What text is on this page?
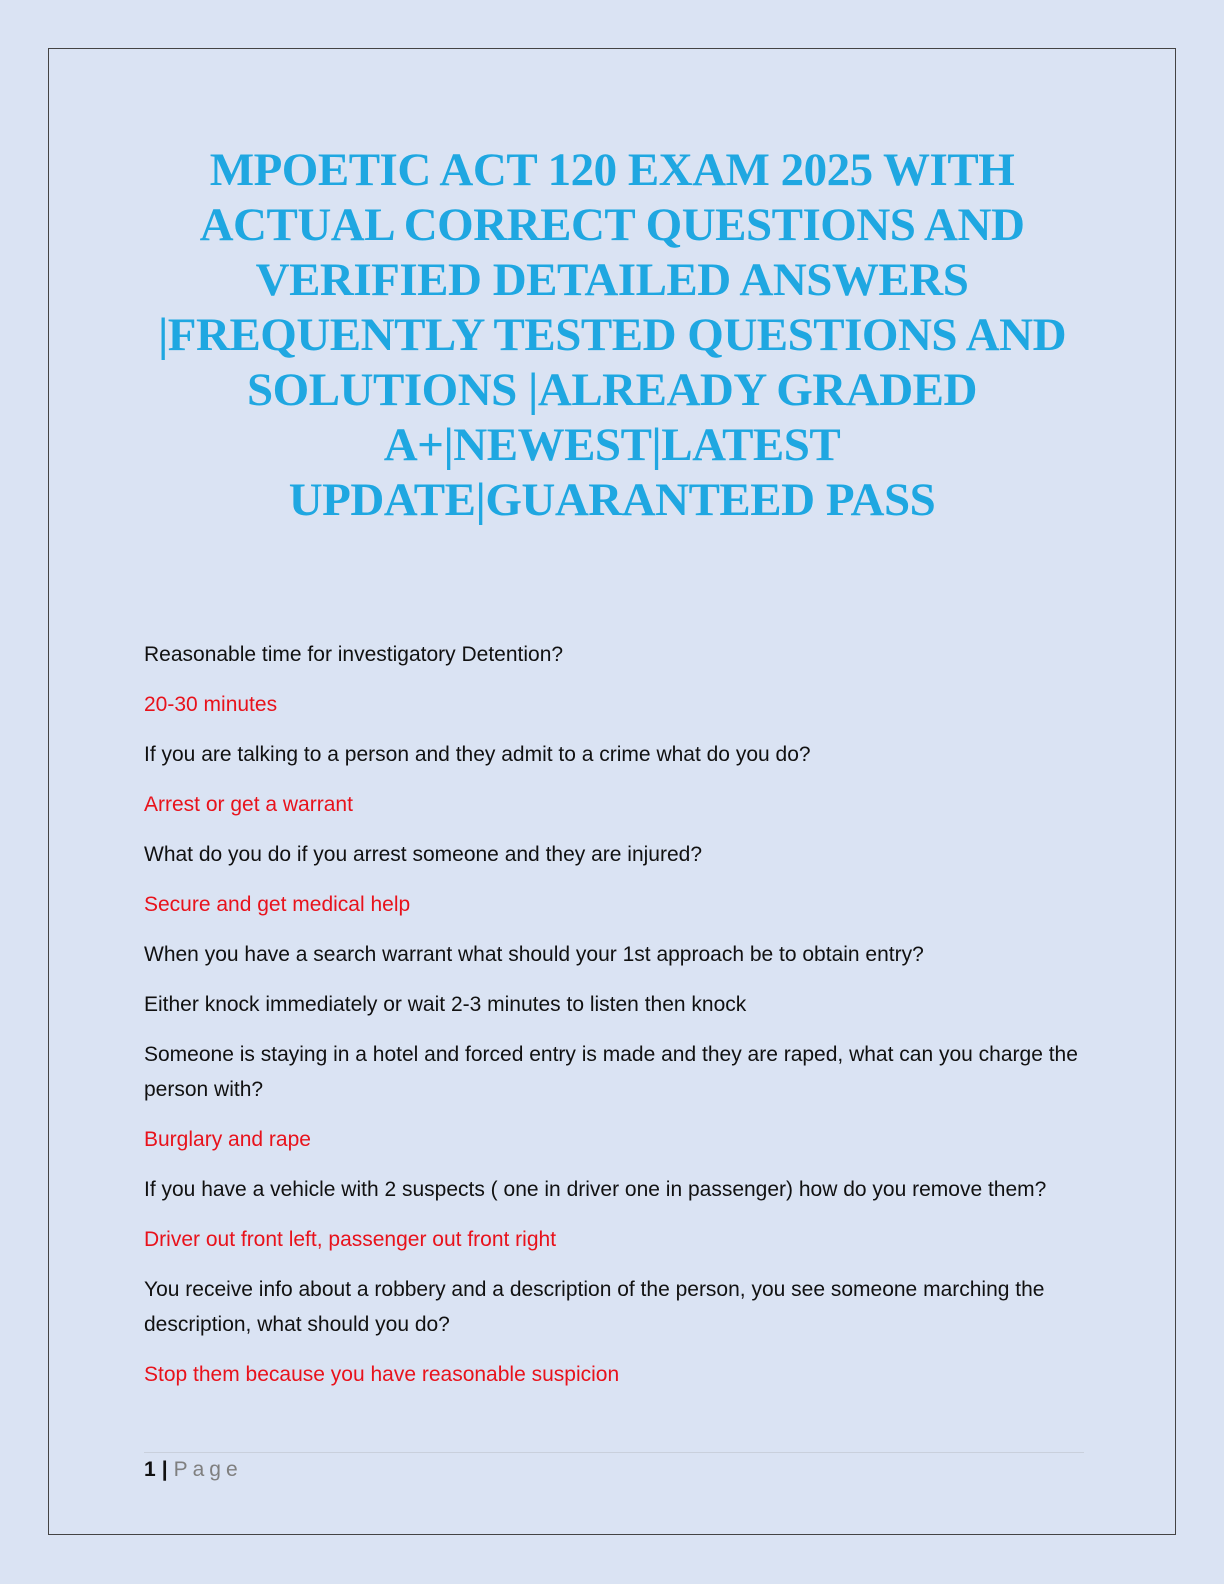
MPOETIC ACT 120 EXAM 2025 WITH ACTUAL CORRECT QUESTIONS AND VERIFIED DETAILED ANSWERS |FREQUENTLY TESTED QUESTIONS AND SOLUTIONS |ALREADY GRADED A+|NEWEST|LATEST UPDATE|GUARANTEED PASS

Reasonable time for investigatory Detention?

20-30 minutes

If you are talking to a person and they admit to a crime what do you do?

Arrest or get a warrant

What do you do if you arrest someone and they are injured?

Secure and get medical help

When you have a search warrant what should your 1st approach be to obtain entry?

Either knock immediately or wait 2-3 minutes to listen then knock

Someone is staying in a hotel and forced entry is made and they are raped, what can you charge the person with?

Burglary and rape

If you have a vehicle with 2 suspects ( one in driver one in passenger) how do you remove them?

Driver out front left, passenger out front right

You receive info about a robbery and a description of the person, you see someone marching the description, what should you do?

Stop them because you have reasonable suspicion

1 | Page
